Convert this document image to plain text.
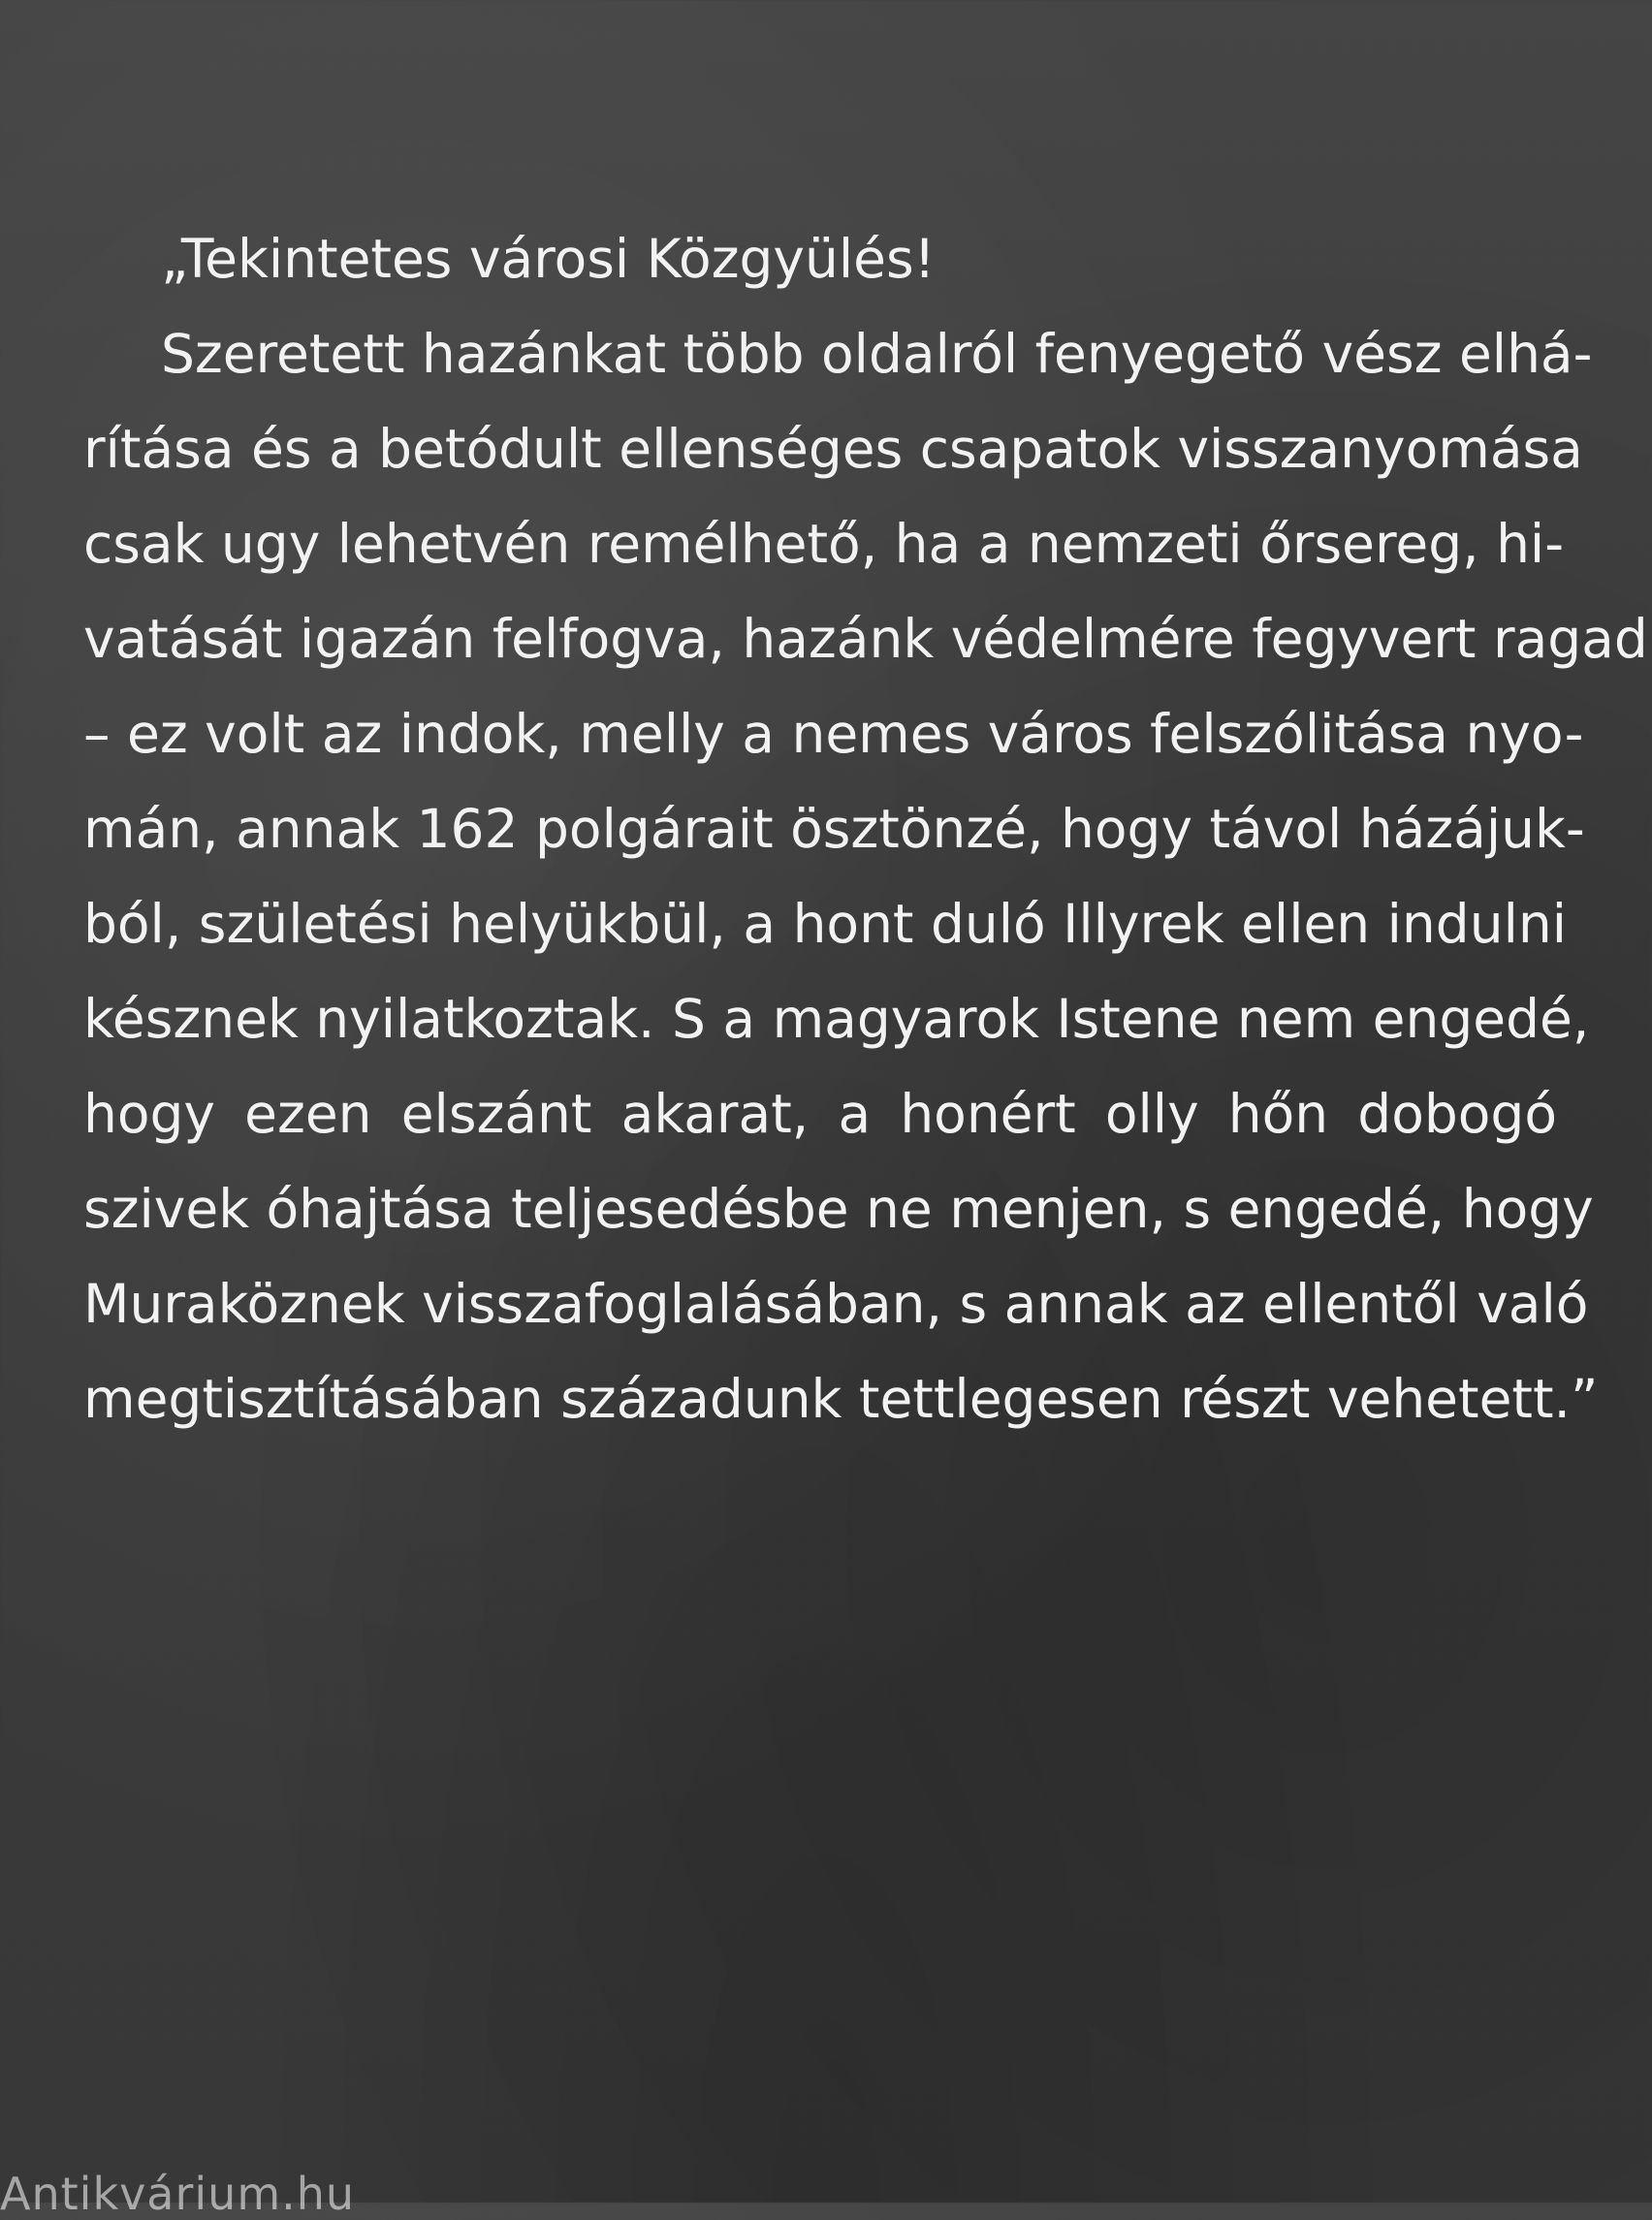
„Tekintetes városi Közgyülés!

Szeretett hazánkat több oldalról fenyegető vész elhá-
rítása és a betódult ellenséges csapatok visszanyomása
csak ugy lehetvén remélhető, ha a nemzeti őrsereg, hi-
vatását igazán felfogva, hazánk védelmére fegyvert ragad
– ez volt az indok, melly a nemes város felszólitása nyo-
mán, annak 162 polgárait ösztönzé, hogy távol házájuk-
ból, születési helyükbül, a hont duló Illyrek ellen indulni
késznek nyilatkoztak. S a magyarok Istene nem engedé,
hogy ezen elszánt akarat, a honért olly hőn dobogó
szivek óhajtása teljesedésbe ne menjen, s engedé, hogy
Muraköznek visszafoglalásában, s annak az ellentől való
megtisztításában századunk tettlegesen részt vehetett.”
Antikvárium.hu
